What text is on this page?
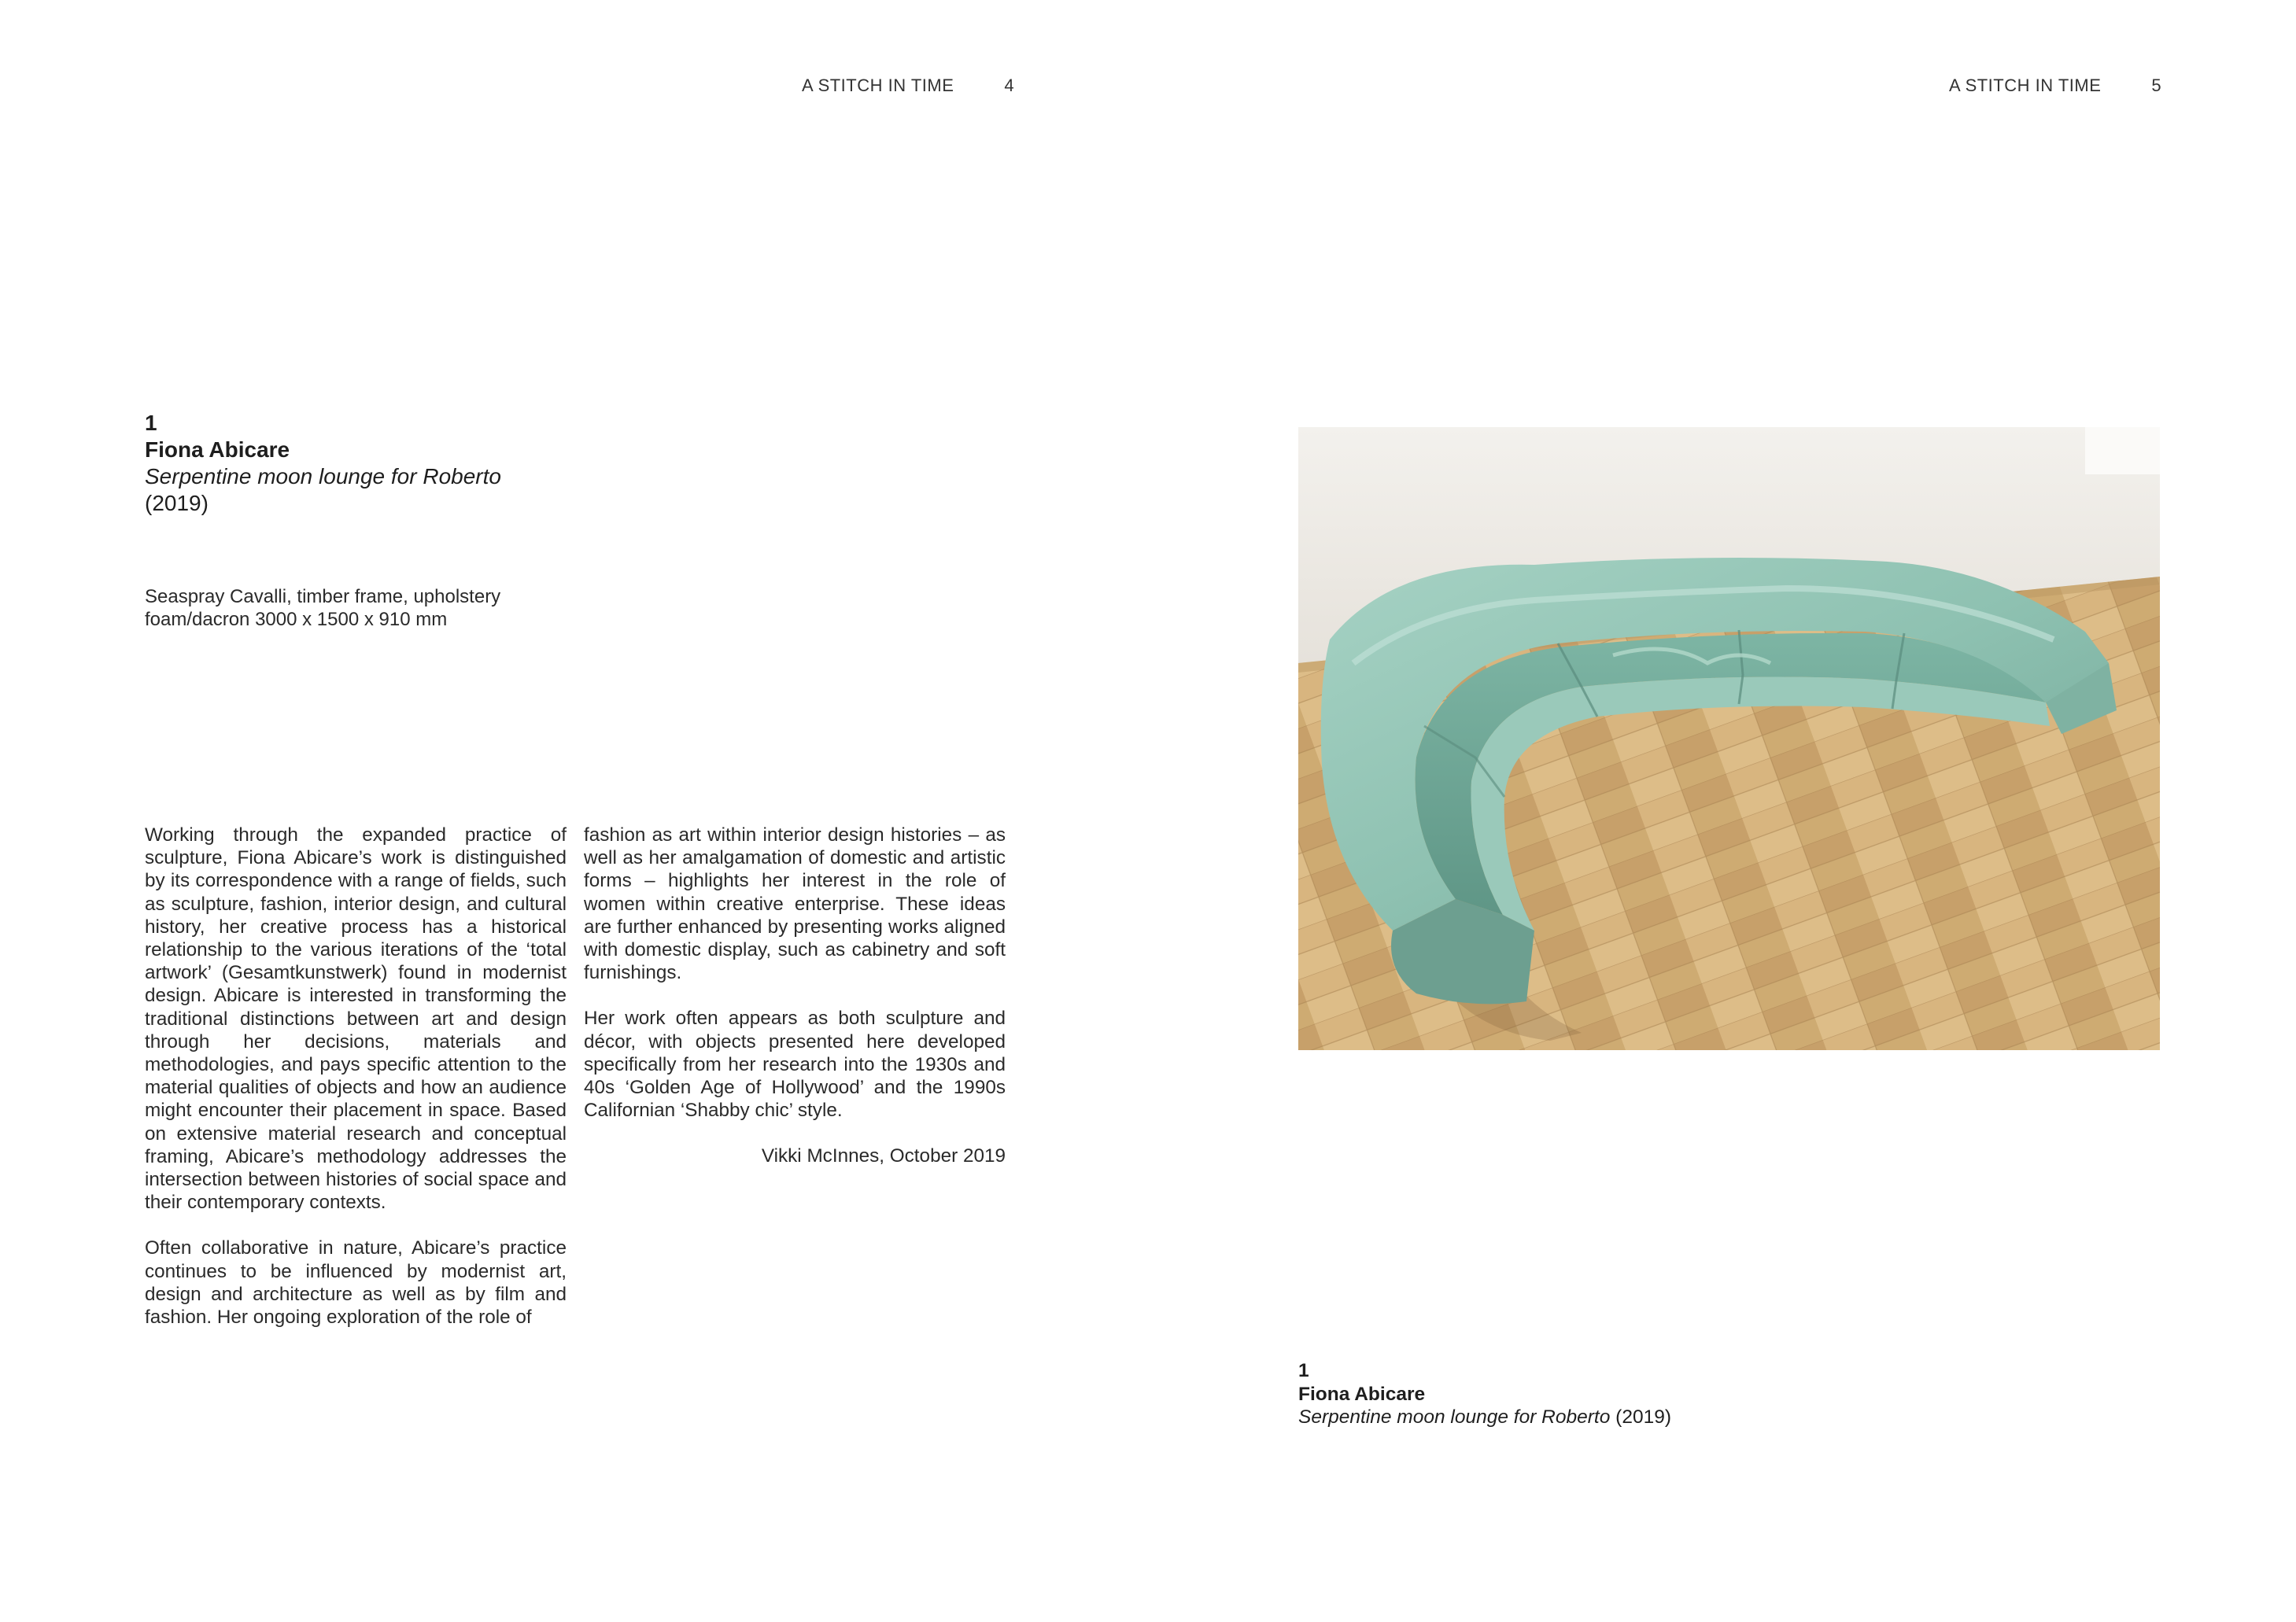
A STITCH IN TIME	4
1
Fiona Abicare
Serpentine moon lounge for Roberto
(2019)
Seaspray Cavalli, timber frame, upholstery foam/dacron 3000 x 1500 x 910 mm

Working through the expanded practice of sculpture, Fiona Abicare’s work is distinguished by its correspondence with a range of fields, such as sculpture, fashion, interior design, and cultural history, her creative process has a historical relationship to the various iterations of the ‘total artwork’ (Gesamtkunstwerk) found in modernist design. Abicare is interested in transforming the traditional distinctions between art and design through her decisions, materials and methodologies, and pays specific attention to the material qualities of objects and how an audience might encounter their placement in space. Based on extensive material research and conceptual framing, Abicare’s methodology addresses the intersection between histories of social space and their contemporary contexts.

Often collaborative in nature, Abicare’s practice continues to be influenced by modernist art, design and architecture as well as by film and fashion. Her ongoing exploration of the role of

fashion as art within interior design histories – as well as her amalgamation of domestic and artistic forms – highlights her interest in the role of women within creative enterprise. These ideas are further enhanced by presenting works aligned with domestic display, such as cabinetry and soft furnishings.

Her work often appears as both sculpture and décor, with objects presented here developed specifically from her research into the 1930s and 40s ‘Golden Age of Hollywood’ and the 1990s Californian ‘Shabby chic’ style.

Vikki McInnes, October 2019

A STITCH IN TIME	5
1
Fiona Abicare
Serpentine moon lounge for Roberto (2019)
